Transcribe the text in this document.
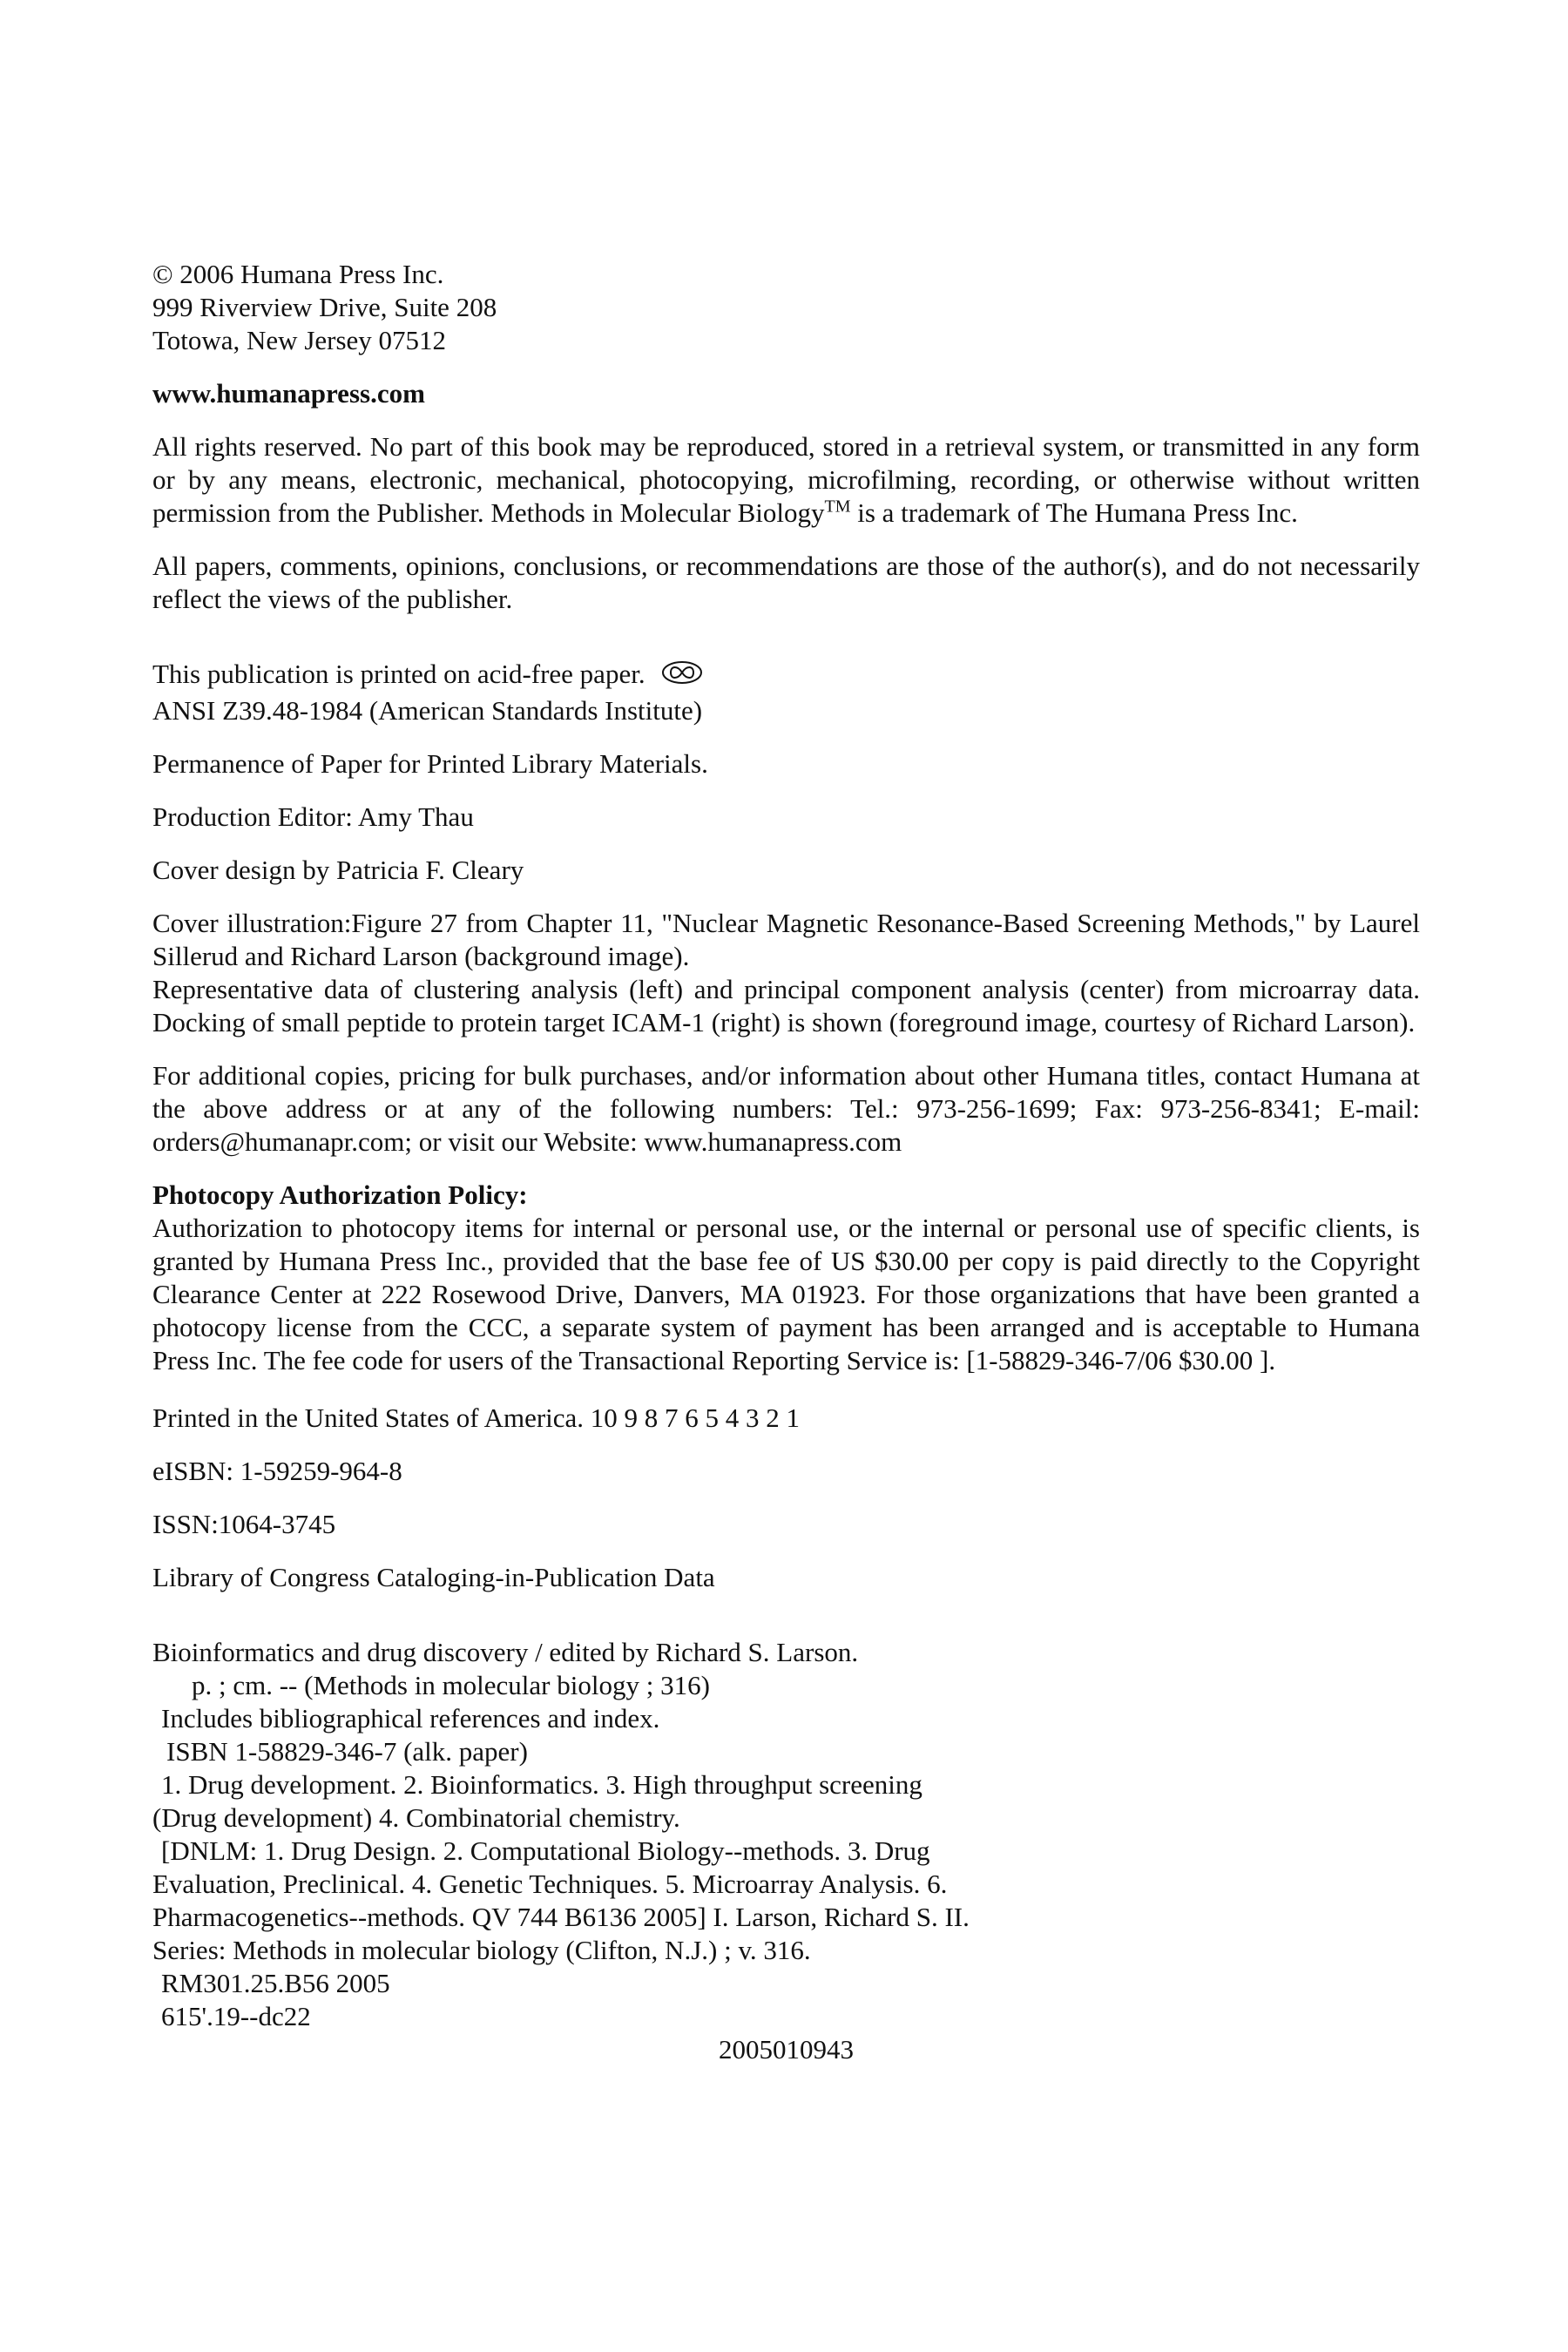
© 2006 Humana Press Inc.

999 Riverview Drive, Suite 208

Totowa, New Jersey 07512

www.humanapress.com

All rights reserved. No part of this book may be reproduced, stored in a retrieval system, or transmitted in any form or by any means, electronic, mechanical, photocopying, microfilming, recording, or otherwise without written permission from the Publisher. Methods in Molecular Biology™ is a trademark of The Humana Press Inc.

All papers, comments, opinions, conclusions, or recommendations are those of the author(s), and do not necessarily reflect the views of the publisher.

This publication is printed on acid-free paper.

ANSI Z39.48-1984 (American Standards Institute)

Permanence of Paper for Printed Library Materials.

Production Editor: Amy Thau

Cover design by Patricia F. Cleary

Cover illustration:Figure 27 from Chapter 11, "Nuclear Magnetic Resonance-Based Screening Methods," by Laurel Sillerud and Richard Larson (background image).

Representative data of clustering analysis (left) and principal component analysis (center) from microarray data. Docking of small peptide to protein target ICAM-1 (right) is shown (foreground image, courtesy of Richard Larson).

For additional copies, pricing for bulk purchases, and/or information about other Humana titles, contact Humana at the above address or at any of the following numbers: Tel.: 973-256-1699; Fax: 973-256-8341; E-mail: orders@humanapr.com; or visit our Website: www.humanapress.com

Photocopy Authorization Policy:

Authorization to photocopy items for internal or personal use, or the internal or personal use of specific clients, is granted by Humana Press Inc., provided that the base fee of US $30.00 per copy is paid directly to the Copyright Clearance Center at 222 Rosewood Drive, Danvers, MA 01923. For those organizations that have been granted a photocopy license from the CCC, a separate system of payment has been arranged and is acceptable to Humana Press Inc. The fee code for users of the Transactional Reporting Service is: [1-58829-346-7/06 $30.00 ].

Printed in the United States of America. 10 9 8 7 6 5 4 3 2 1

eISBN: 1-59259-964-8

ISSN:1064-3745

Library of Congress Cataloging-in-Publication Data

Bioinformatics and drug discovery / edited by Richard S. Larson.

p. ; cm. -- (Methods in molecular biology ; 316)

Includes bibliographical references and index.

ISBN 1-58829-346-7 (alk. paper)

1. Drug development. 2. Bioinformatics. 3. High throughput screening

(Drug development) 4. Combinatorial chemistry.

[DNLM: 1. Drug Design. 2. Computational Biology--methods. 3. Drug

Evaluation, Preclinical. 4. Genetic Techniques. 5. Microarray Analysis. 6.

Pharmacogenetics--methods. QV 744 B6136 2005] I. Larson, Richard S. II.

Series: Methods in molecular biology (Clifton, N.J.) ; v. 316.

RM301.25.B56 2005

615'.19--dc22

2005010943
